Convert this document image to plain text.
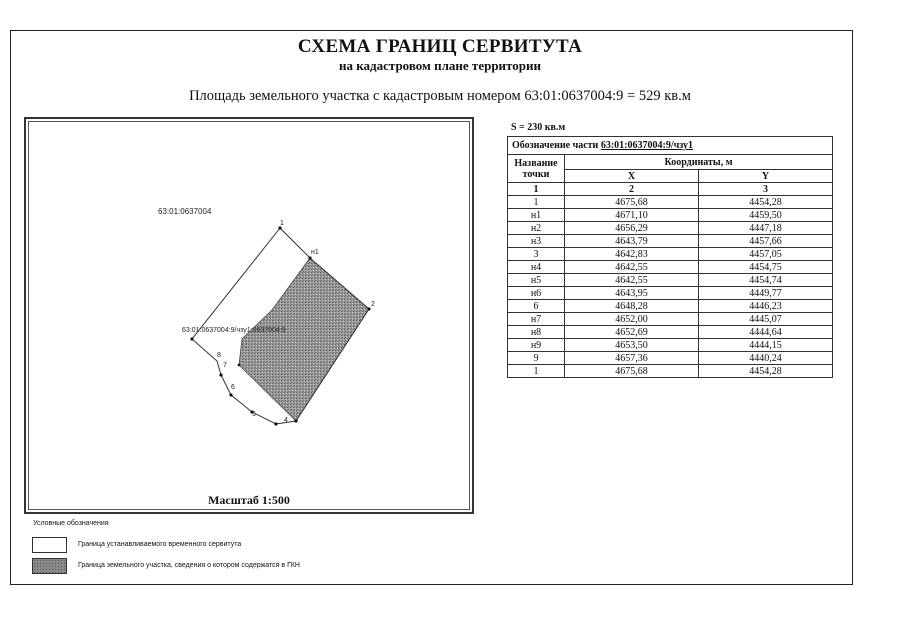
СХЕМА ГРАНИЦ СЕРВИТУТА
на кадастровом плане территории
Площадь земельного участка с кадастровым номером 63:01:0637004:9 = 529 кв.м
1
н1
2
4
5
6
7
8
63:01:0637004
63:01:0637004:9/чзу1:0637004:9
Масштаб 1:500
S = 230 кв.м
Обозначение части 63:01:0637004:9/чзу1		
Название точки	Координаты, м	
	X	Y
1	2	3
1	4675,68	4454,28
н1	4671,10	4459,50
н2	4656,29	4447,18
н3	4643,79	4457,66
3	4642,83	4457,05
н4	4642,55	4454,75
н5	4642,55	4454,74
н6	4643,95	4449,77
6	4648,28	4446,23
н7	4652,00	4445,07
н8	4652,69	4444,64
н9	4653,50	4444,15
9	4657,36	4440,24
1	4675,68	4454,28
Условные обозначения
Граница устанавливаемого временного сервитута
Граница земельного участка, сведения о котором содержатся в ГКН
